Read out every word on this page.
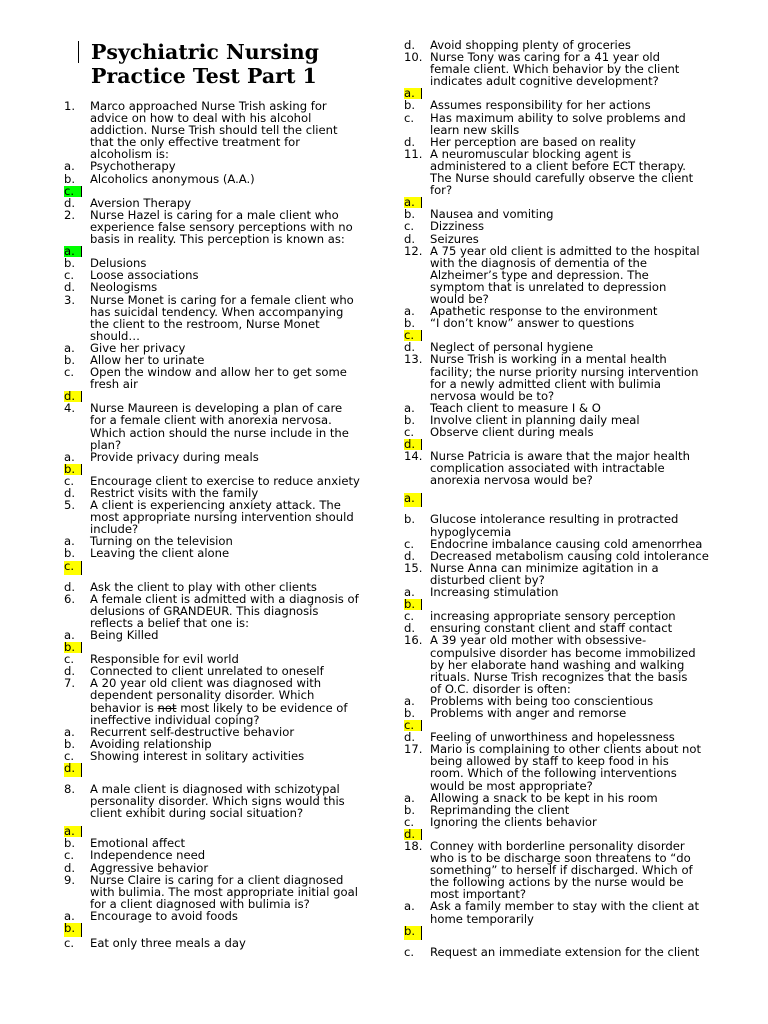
Psychiatric Nursing
Practice Test Part 1
1.	Marco approached Nurse Trish asking for
advice on how to deal with his alcohol
addiction. Nurse Trish should tell the client
that the only effective treatment for
alcoholism is:
a.	Psychotherapy
b.	Alcoholics anonymous (A.A.)
c.
d.	Aversion Therapy
2.	Nurse Hazel is caring for a male client who
experience false sensory perceptions with no
basis in reality. This perception is known as:
a.
b.	Delusions
c.	Loose associations
d.	Neologisms
3.	Nurse Monet is caring for a female client who
has suicidal tendency. When accompanying
the client to the restroom, Nurse Monet
should…
a.	Give her privacy
b.	Allow her to urinate
c.	Open the window and allow her to get some
fresh air
d.
4.	Nurse Maureen is developing a plan of care
for a female client with anorexia nervosa.
Which action should the nurse include in the
plan?
a.	Provide privacy during meals
b.
c.	Encourage client to exercise to reduce anxiety
d.	Restrict visits with the family
5.	A client is experiencing anxiety attack. The
most appropriate nursing intervention should
include?
a.	Turning on the television
b.	Leaving the client alone
c.
d.	Ask the client to play with other clients
6.	A female client is admitted with a diagnosis of
delusions of GRANDEUR. This diagnosis
reflects a belief that one is:
a.	Being Killed
b.
c.	Responsible for evil world
d.	Connected to client unrelated to oneself
7.	A 20 year old client was diagnosed with
dependent personality disorder. Which
behavior is not most likely to be evidence of
ineffective individual coping?
a.	Recurrent self-destructive behavior
b.	Avoiding relationship
c.	Showing interest in solitary activities
d.
8.	A male client is diagnosed with schizotypal
personality disorder. Which signs would this
client exhibit during social situation?
a.
b.	Emotional affect
c.	Independence need
d.	Aggressive behavior
9.	Nurse Claire is caring for a client diagnosed
with bulimia. The most appropriate initial goal
for a client diagnosed with bulimia is?
a.	Encourage to avoid foods
b.
c.	Eat only three meals a day
d.	Avoid shopping plenty of groceries
10. Nurse Tony was caring for a 41 year old
female client. Which behavior by the client
indicates adult cognitive development?
a.
b.	Assumes responsibility for her actions
c.	Has maximum ability to solve problems and
learn new skills
d.	Her perception are based on reality
11. A neuromuscular blocking agent is
administered to a client before ECT therapy.
The Nurse should carefully observe the client
for?
a.
b.	Nausea and vomiting
c.	Dizziness
d.	Seizures
12. A 75 year old client is admitted to the hospital
with the diagnosis of dementia of the
Alzheimer’s type and depression. The
symptom that is unrelated to depression
would be?
a.	Apathetic response to the environment
b.	“I don’t know” answer to questions
c.
d.	Neglect of personal hygiene
13. Nurse Trish is working in a mental health
facility; the nurse priority nursing intervention
for a newly admitted client with bulimia
nervosa would be to?
a.	Teach client to measure I & O
b.	Involve client in planning daily meal
c.	Observe client during meals
d.
14. Nurse Patricia is aware that the major health
complication associated with intractable
anorexia nervosa would be?
a.
b.	Glucose intolerance resulting in protracted
hypoglycemia
c.	Endocrine imbalance causing cold amenorrhea
d.	Decreased metabolism causing cold intolerance
15. Nurse Anna can minimize agitation in a
disturbed client by?
a.	Increasing stimulation
b.
c.	increasing appropriate sensory perception
d.	ensuring constant client and staff contact
16. A 39 year old mother with obsessive-
compulsive disorder has become immobilized
by her elaborate hand washing and walking
rituals. Nurse Trish recognizes that the basis
of O.C. disorder is often:
a.	Problems with being too conscientious
b.	Problems with anger and remorse
c.
d.	Feeling of unworthiness and hopelessness
17. Mario is complaining to other clients about not
being allowed by staff to keep food in his
room. Which of the following interventions
would be most appropriate?
a.	Allowing a snack to be kept in his room
b.	Reprimanding the client
c.	Ignoring the clients behavior
d.
18. Conney with borderline personality disorder
who is to be discharge soon threatens to “do
something” to herself if discharged. Which of
the following actions by the nurse would be
most important?
a.	Ask a family member to stay with the client at
home temporarily
b.
c.	Request an immediate extension for the client
